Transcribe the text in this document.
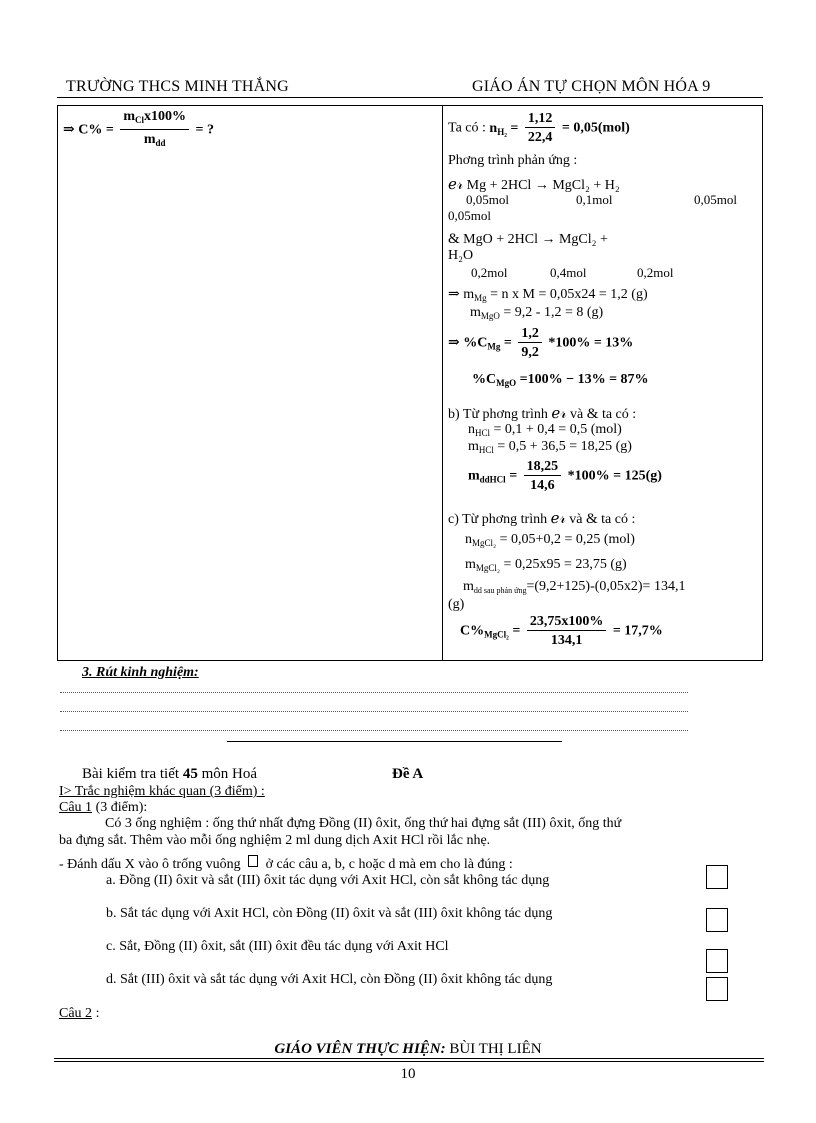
TRƯỜNG THCS MINH THẮNG	GIÁO ÁN TỰ CHỌN MÔN HÓA 9
⇒ $C\% = \frac{m_{Cl}x100\%}{m_{dd}}$ = ?	Ta có : $n_{H_2} = \frac{1,12}{22,4} = 0,05(mol)$
Phơng trình phản ứng :
ℯ𝓇 Mg + 2HCl → MgCl₂ + H₂
0,05mol	0,1mol	0,05mol
0,05mol
& MgO + 2HCl → MgCl₂ +
H₂O
0,2mol	0,4mol	0,2mol
⇒ $m_{Mg} = n$ x M = 0,05x24 = 1,2 (g)
$m_{MgO} = 9,2 - 1,2 = 8$ (g)
⇒ $\%C_{Mg} = \frac{1,2}{9,2} *100\% = 13\%$
$\%C_{MgO} =100\% - 13\% = 87\%$
b) Từ phơng trình ℯ𝓇 và & ta có :
$n_{HCl} = 0,1 + 0,4 = 0,5$ (mol)
$m_{HCl} = 0,5 + 36,5 = 18,25$ (g)
$m_{ddHCl} = \frac{18,25}{14,6} *100\% = 125(g)$
c) Từ phơng trình ℯ𝓇 và & ta có :
$n_{MgCl_2} = 0,05+0,2 = 0,25$ (mol)
$m_{MgCl_2} = 0,25x95 = 23,75$ (g)
$m_{dd sau phản ứng}=(9,2+125)-(0,05x2)= 134,1$
(g)
$C\%_{MgCl_2} = \frac{23,75x100\%}{134,1} = 17,7\%$
3. Rút kinh nghiệm:
Bài kiểm tra tiết 45 môn Hoá	Đề A
I> Trắc nghiệm khác quan (3 điểm) :
Câu 1 (3 điểm):
Có 3 ống nghiệm : ống thứ nhất đựng Đồng (II) ôxit, ống thứ hai đựng sắt (III) ôxit, ống thứ
ba đựng sắt. Thêm vào mỗi ống nghiệm 2 ml dung dịch Axit HCl rồi lắc nhẹ.
- Đánh dấu X vào ô trống vuông ở các câu a, b, c hoặc d mà em cho là đúng :
a. Đồng (II) ôxit và sắt (III) ôxit tác dụng với Axit HCl, còn sắt không tác dụng
b. Sắt tác dụng với Axit HCl, còn Đồng (II) ôxit và sắt (III) ôxit không tác dụng
c. Sắt, Đồng (II) ôxit, sắt (III) ôxit đều tác dụng với Axit HCl
d. Sắt (III) ôxit và sắt tác dụng với Axit HCl, còn Đồng (II) ôxit không tác dụng
Câu 2 :
GIÁO VIÊN THỰC HIỆN: BÙI THỊ LIÊN
10
